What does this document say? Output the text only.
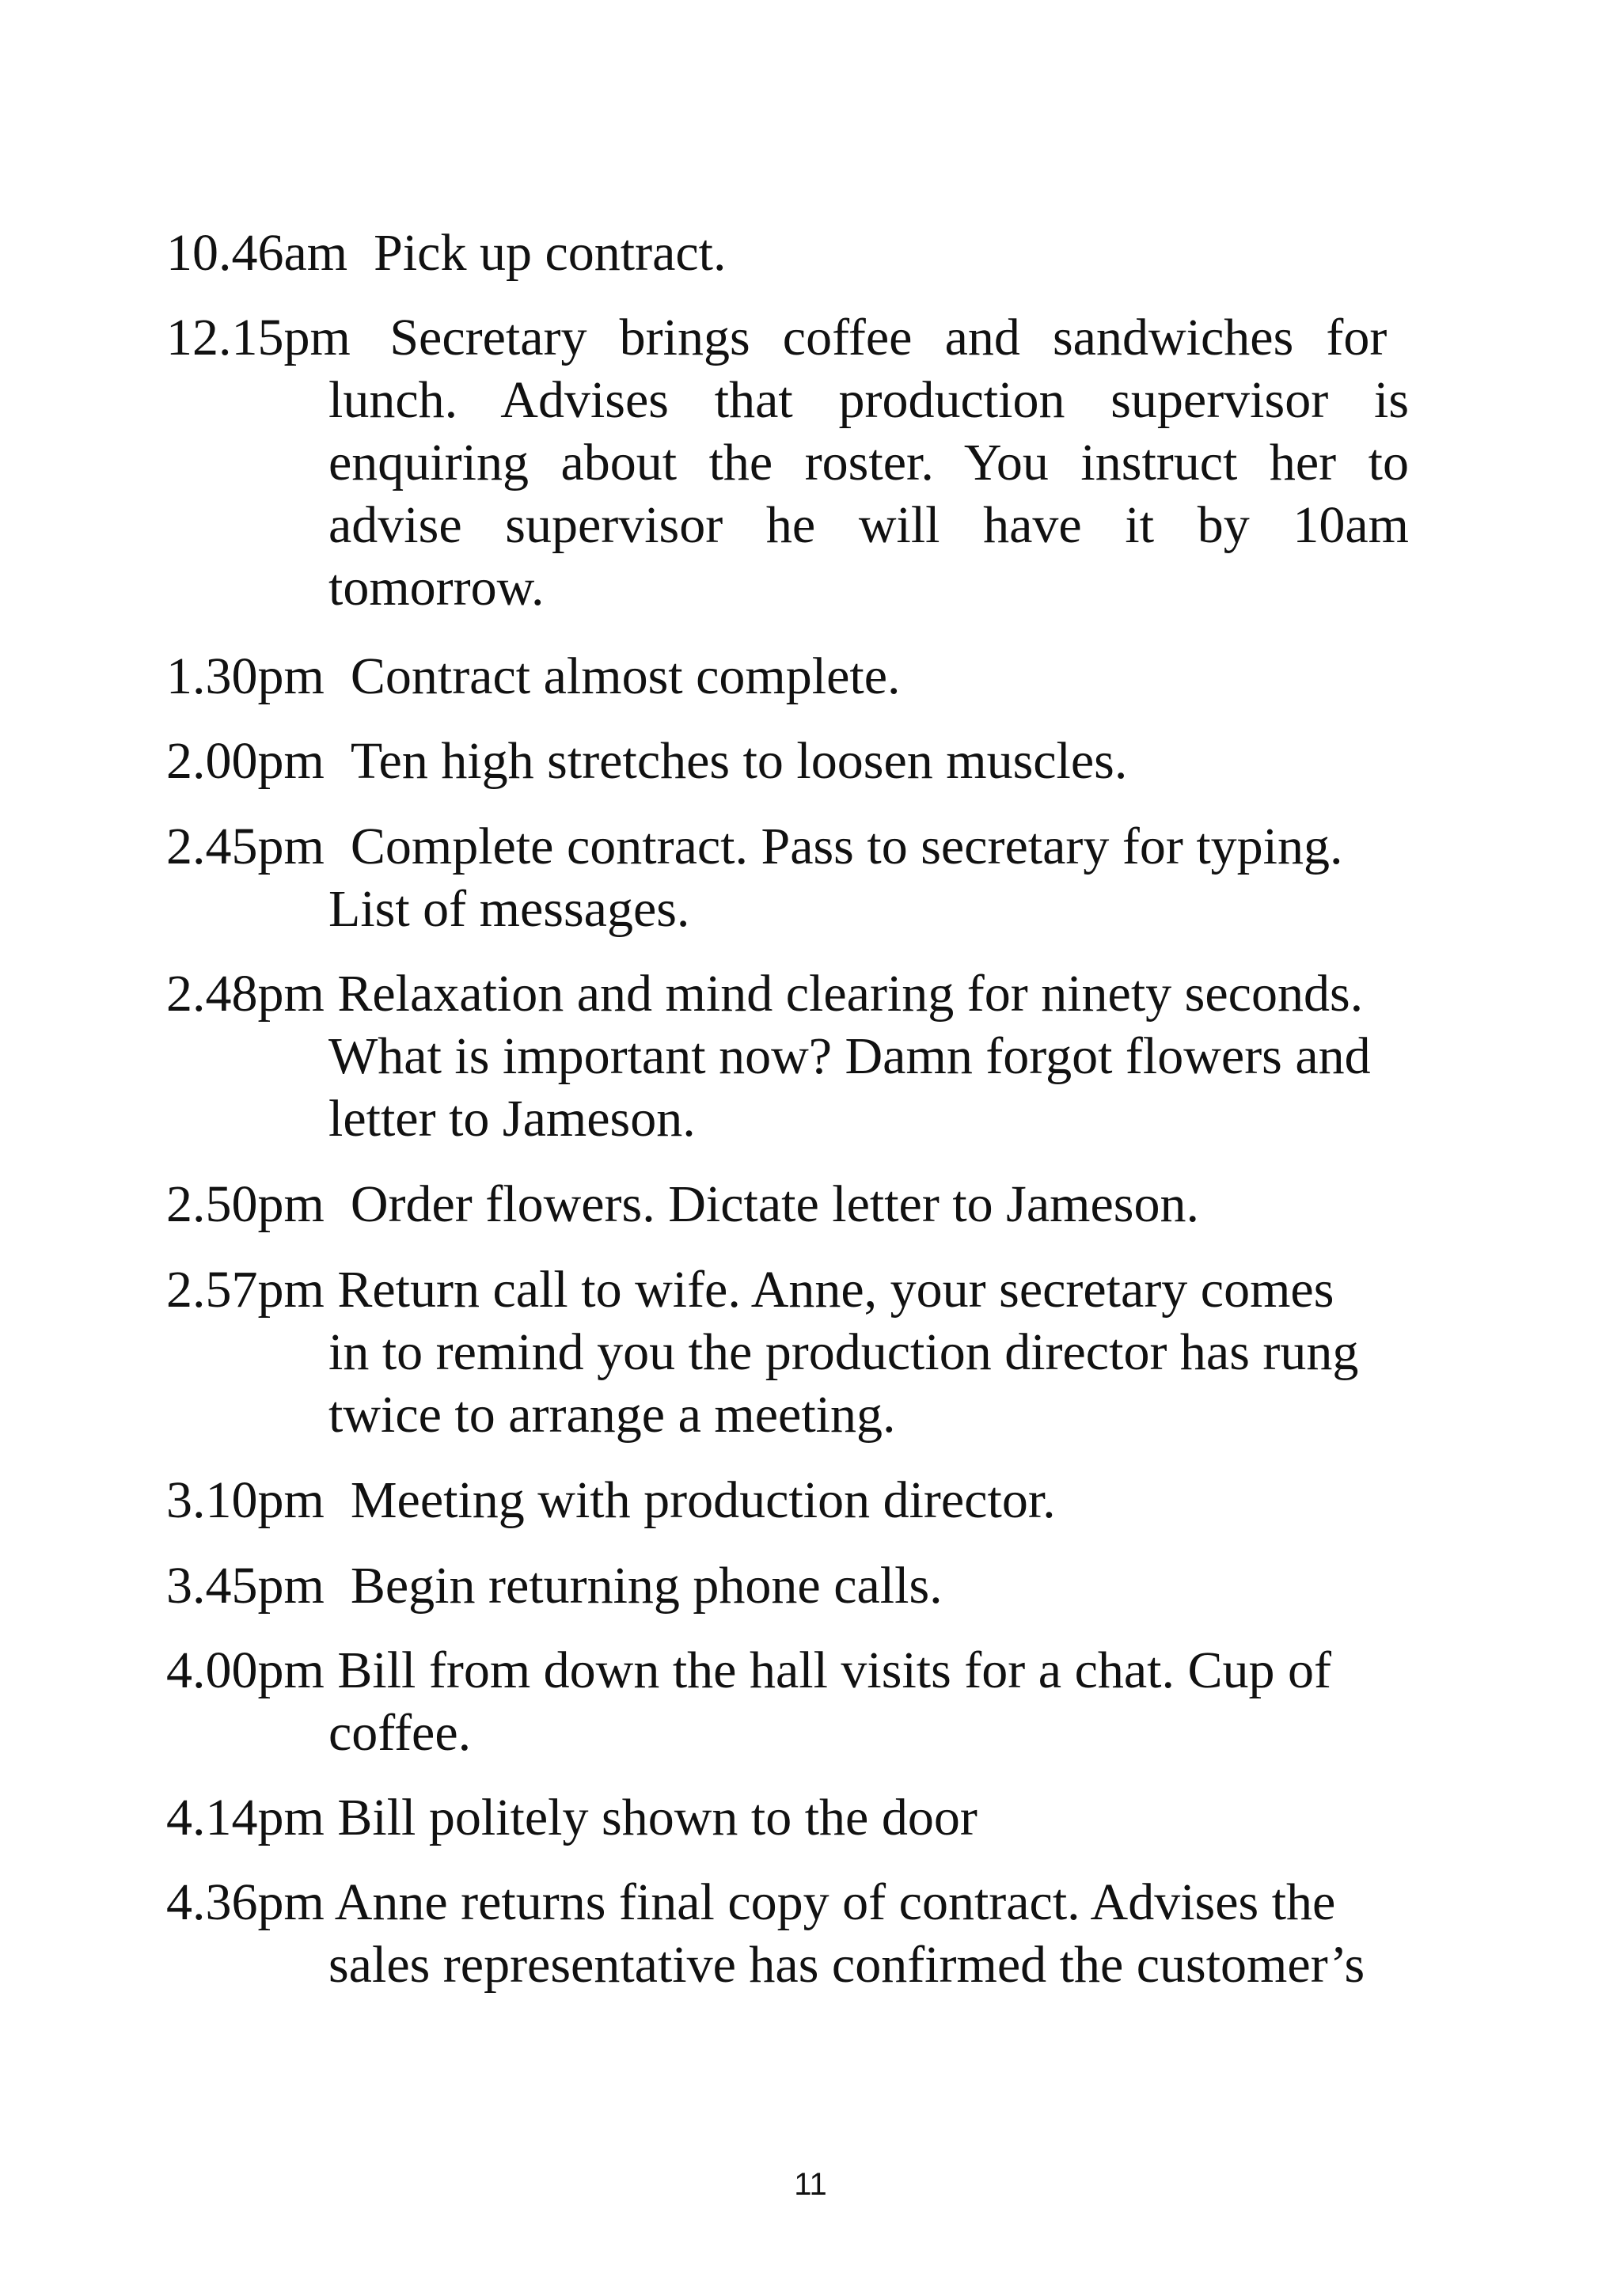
10.46am Pick up contract.
12.15pm Secretary brings coffee and sandwiches for
lunch. Advises that production supervisor is
enquiring about the roster. You instruct her to
advise supervisor he will have it by 10am
tomorrow.
1.30pm Contract almost complete.
2.00pm Ten high stretches to loosen muscles.
2.45pm Complete contract. Pass to secretary for typing.
List of messages.
2.48pm Relaxation and mind clearing for ninety seconds.
What is important now? Damn forgot flowers and
letter to Jameson.
2.50pm Order flowers. Dictate letter to Jameson.
2.57pm Return call to wife. Anne, your secretary comes
in to remind you the production director has rung
twice to arrange a meeting.
3.10pm Meeting with production director.
3.45pm Begin returning phone calls.
4.00pm Bill from down the hall visits for a chat. Cup of
coffee.
4.14pm Bill politely shown to the door
4.36pm Anne returns final copy of contract. Advises the
sales representative has confirmed the customer’s
11
